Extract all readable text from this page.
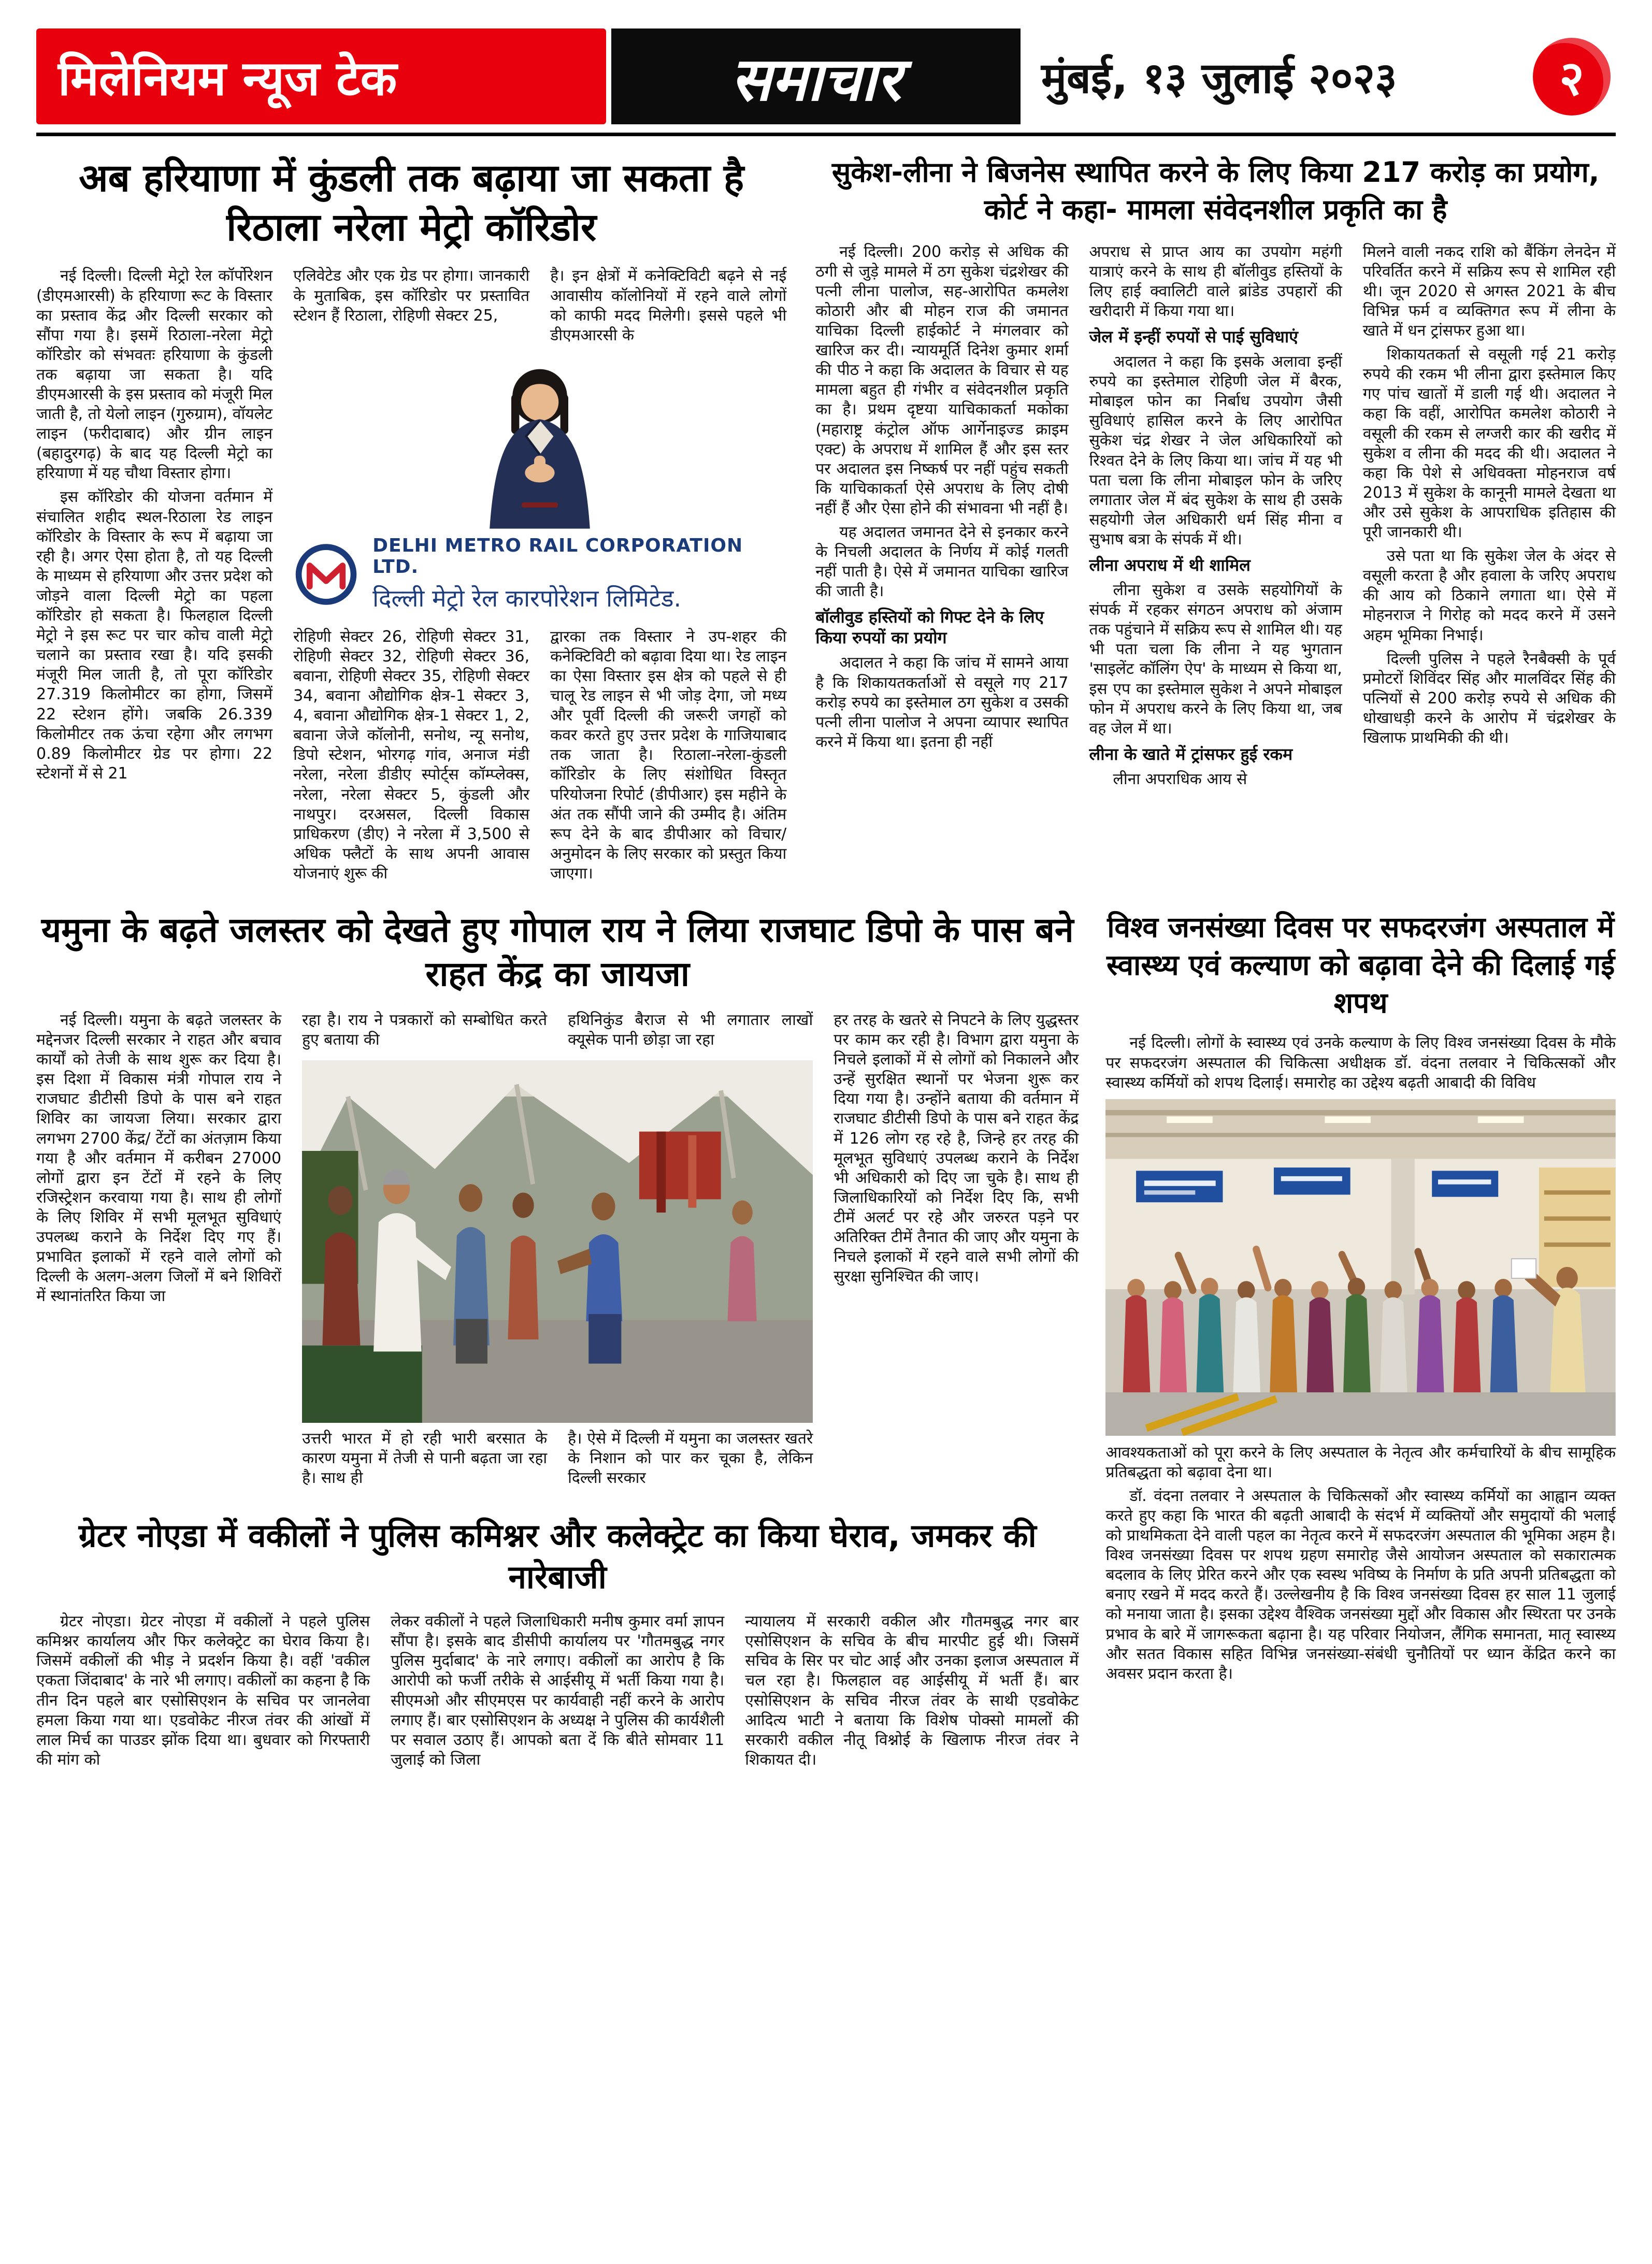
मिलेनियम न्यूज टेक	समाचार	मुंबई, १३ जुलाई २०२३	२
अब हरियाणा में कुंडली तक बढ़ाया जा सकता है रिठाला नरेला मेट्रो कॉरिडोर

नई दिल्ली। दिल्ली मेट्रो रेल कॉर्पोरेशन (डीएमआरसी) के हरियाणा रूट के विस्तार का प्रस्ताव केंद्र और दिल्ली सरकार को सौंपा गया है। इसमें रिठाला-नरेला मेट्रो कॉरिडोर को संभवतः हरियाणा के कुंडली तक बढ़ाया जा सकता है। यदि डीएमआरसी के इस प्रस्ताव को मंजूरी मिल जाती है, तो येलो लाइन (गुरुग्राम), वॉयलेट लाइन (फरीदाबाद) और ग्रीन लाइन (बहादुरगढ़) के बाद यह दिल्ली मेट्रो का हरियाणा में यह चौथा विस्तार होगा।

इस कॉरिडोर की योजना वर्तमान में संचालित शहीद स्थल-रिठाला रेड लाइन कॉरिडोर के विस्तार के रूप में बढ़ाया जा रही है। अगर ऐसा होता है, तो यह दिल्ली के माध्यम से हरियाणा और उत्तर प्रदेश को जोड़ने वाला दिल्ली मेट्रो का पहला कॉरिडोर हो सकता है। फिलहाल दिल्ली मेट्रो ने इस रूट पर चार कोच वाली मेट्रो चलाने का प्रस्ताव रखा है। यदि इसकी मंजूरी मिल जाती है, तो पूरा कॉरिडोर 27.319 किलोमीटर का होगा, जिसमें 22 स्टेशन होंगे। जबकि 26.339 किलोमीटर तक ऊंचा रहेगा और लगभग 0.89 किलोमीटर ग्रेड पर होगा। 22 स्टेशनों में से 21

एलिवेटेड और एक ग्रेड पर होगा। जानकारी के मुताबिक, इस कॉरिडोर पर प्रस्तावित स्टेशन हैं रिठाला, रोहिणी सेक्टर 25,

है। इन क्षेत्रों में कनेक्टिविटी बढ़ने से नई आवासीय कॉलोनियों में रहने वाले लोगों को काफी मदद मिलेगी। इससे पहले भी डीएमआरसी के

DELHI METRO RAIL CORPORATION LTD.
दिल्ली मेट्रो रेल कारपोरेशन लिमिटेड.

रोहिणी सेक्टर 26, रोहिणी सेक्टर 31, रोहिणी सेक्टर 32, रोहिणी सेक्टर 36, बवाना, रोहिणी सेक्टर 35, रोहिणी सेक्टर 34, बवाना औद्योगिक क्षेत्र-1 सेक्टर 3, 4, बवाना औद्योगिक क्षेत्र-1 सेक्टर 1, 2, बवाना जेजे कॉलोनी, सनोथ, न्यू सनोथ, डिपो स्टेशन, भोरगढ़ गांव, अनाज मंडी नरेला, नरेला डीडीए स्पोर्ट्स कॉम्प्लेक्स, नरेला, नरेला सेक्टर 5, कुंडली और नाथपुर। दरअसल, दिल्ली विकास प्राधिकरण (डीए) ने नरेला में 3,500 से अधिक फ्लैटों के साथ अपनी आवास योजनाएं शुरू की

द्वारका तक विस्तार ने उप-शहर की कनेक्टिविटी को बढ़ावा दिया था। रेड लाइन का ऐसा विस्तार इस क्षेत्र को पहले से ही चालू रेड लाइन से भी जोड़ देगा, जो मध्य और पूर्वी दिल्ली की जरूरी जगहों को कवर करते हुए उत्तर प्रदेश के गाजियाबाद तक जाता है। रिठाला-नरेला-कुंडली कॉरिडोर के लिए संशोधित विस्तृत परियोजना रिपोर्ट (डीपीआर) इस महीने के अंत तक सौंपी जाने की उम्मीद है। अंतिम रूप देने के बाद डीपीआर को विचार/अनुमोदन के लिए सरकार को प्रस्तुत किया जाएगा।

सुकेश-लीना ने बिजनेस स्थापित करने के लिए किया 217 करोड़ का प्रयोग, कोर्ट ने कहा- मामला संवेदनशील प्रकृति का है

नई दिल्ली। 200 करोड़ से अधिक की ठगी से जुड़े मामले में ठग सुकेश चंद्रशेखर की पत्नी लीना पालोज, सह-आरोपित कमलेश कोठारी और बी मोहन राज की जमानत याचिका दिल्ली हाईकोर्ट ने मंगलवार को खारिज कर दी। न्यायमूर्ति दिनेश कुमार शर्मा की पीठ ने कहा कि अदालत के विचार से यह मामला बहुत ही गंभीर व संवेदनशील प्रकृति का है। प्रथम दृष्टया याचिकाकर्ता मकोका (महाराष्ट्र कंट्रोल ऑफ आर्गेनाइज्ड क्राइम एक्ट) के अपराध में शामिल हैं और इस स्तर पर अदालत इस निष्कर्ष पर नहीं पहुंच सकती कि याचिकाकर्ता ऐसे अपराध के लिए दोषी नहीं हैं और ऐसा होने की संभावना भी नहीं है।

यह अदालत जमानत देने से इनकार करने के निचली अदालत के निर्णय में कोई गलती नहीं पाती है। ऐसे में जमानत याचिका खारिज की जाती है।

बॉलीवुड हस्तियों को गिफ्ट देने के लिए किया रुपयों का प्रयोग

अदालत ने कहा कि जांच में सामने आया है कि शिकायतकर्ताओं से वसूले गए 217 करोड़ रुपये का इस्तेमाल ठग सुकेश व उसकी पत्नी लीना पालोज ने अपना व्यापार स्थापित करने में किया था। इतना ही नहीं

अपराध से प्राप्त आय का उपयोग महंगी यात्राएं करने के साथ ही बॉलीवुड हस्तियों के लिए हाई क्वालिटी वाले ब्रांडेड उपहारों की खरीदारी में किया गया था।

जेल में इन्हीं रुपयों से पाई सुविधाएं

अदालत ने कहा कि इसके अलावा इन्हीं रुपये का इस्तेमाल रोहिणी जेल में बैरक, मोबाइल फोन का निर्बाध उपयोग जैसी सुविधाएं हासिल करने के लिए आरोपित सुकेश चंद्र शेखर ने जेल अधिकारियों को रिश्वत देने के लिए किया था। जांच में यह भी पता चला कि लीना मोबाइल फोन के जरिए लगातार जेल में बंद सुकेश के साथ ही उसके सहयोगी जेल अधिकारी धर्म सिंह मीना व सुभाष बत्रा के संपर्क में थी।

लीना अपराध में थी शामिल

लीना सुकेश व उसके सहयोगियों के संपर्क में रहकर संगठन अपराध को अंजाम तक पहुंचाने में सक्रिय रूप से शामिल थी। यह भी पता चला कि लीना ने यह भुगतान 'साइलेंट कॉलिंग ऐप' के माध्यम से किया था, इस एप का इस्तेमाल सुकेश ने अपने मोबाइल फोन में अपराध करने के लिए किया था, जब वह जेल में था।

लीना के खाते में ट्रांसफर हुई रकम

लीना अपराधिक आय से

मिलने वाली नकद राशि को बैंकिंग लेनदेन में परिवर्तित करने में सक्रिय रूप से शामिल रही थी। जून 2020 से अगस्त 2021 के बीच विभिन्न फर्म व व्यक्तिगत रूप में लीना के खाते में धन ट्रांसफर हुआ था।

शिकायतकर्ता से वसूली गई 21 करोड़ रुपये की रकम भी लीना द्वारा इस्तेमाल किए गए पांच खातों में डाली गई थी। अदालत ने कहा कि वहीं, आरोपित कमलेश कोठारी ने वसूली की रकम से लग्जरी कार की खरीद में सुकेश व लीना की मदद की थी। अदालत ने कहा कि पेशे से अधिवक्ता मोहनराज वर्ष 2013 में सुकेश के कानूनी मामले देखता था और उसे सुकेश के आपराधिक इतिहास की पूरी जानकारी थी।

उसे पता था कि सुकेश जेल के अंदर से वसूली करता है और हवाला के जरिए अपराध की आय को ठिकाने लगाता था। ऐसे में मोहनराज ने गिरोह को मदद करने में उसने अहम भूमिका निभाई।

दिल्ली पुलिस ने पहले रैनबैक्सी के पूर्व प्रमोटरों शिविंदर सिंह और मालविंदर सिंह की पत्नियों से 200 करोड़ रुपये से अधिक की धोखाधड़ी करने के आरोप में चंद्रशेखर के खिलाफ प्राथमिकी की थी।

यमुना के बढ़ते जलस्तर को देखते हुए गोपाल राय ने लिया राजघाट डिपो के पास बने राहत केंद्र का जायजा

नई दिल्ली। यमुना के बढ़ते जलस्तर के मद्देनजर दिल्ली सरकार ने राहत और बचाव कार्यों को तेजी के साथ शुरू कर दिया है। इस दिशा में विकास मंत्री गोपाल राय ने राजघाट डीटीसी डिपो के पास बने राहत शिविर का जायजा लिया। सरकार द्वारा लगभग 2700 केंद्र/ टेंटों का अंतज़ाम किया गया है और वर्तमान में करीबन 27000 लोगों द्वारा इन टेंटों में रहने के लिए रजिस्ट्रेशन करवाया गया है। साथ ही लोगों के लिए शिविर में सभी मूलभूत सुविधाएं उपलब्ध कराने के निर्देश दिए गए हैं। प्रभावित इलाकों में रहने वाले लोगों को दिल्ली के अलग-अलग जिलों में बने शिविरों में स्थानांतरित किया जा

रहा है। राय ने पत्रकारों को सम्बोधित करते हुए बताया की

हथिनिकुंड बैराज से भी लगातार लाखों क्यूसेक पानी छोड़ा जा रहा

उत्तरी भारत में हो रही भारी बरसात के कारण यमुना में तेजी से पानी बढ़ता जा रहा है। साथ ही

है। ऐसे में दिल्ली में यमुना का जलस्तर खतरे के निशान को पार कर चूका है, लेकिन दिल्ली सरकार

हर तरह के खतरे से निपटने के लिए युद्धस्तर पर काम कर रही है। विभाग द्वारा यमुना के निचले इलाकों में से लोगों को निकालने और उन्हें सुरक्षित स्थानों पर भेजना शुरू कर दिया गया है। उन्होंने बताया की वर्तमान में राजघाट डीटीसी डिपो के पास बने राहत केंद्र में 126 लोग रह रहे है, जिन्हे हर तरह की मूलभूत सुविधाएं उपलब्ध कराने के निर्देश भी अधिकारी को दिए जा चुके है। साथ ही जिलाधिकारियों को निर्देश दिए कि, सभी टीमें अलर्ट पर रहे और जरुरत पड़ने पर अतिरिक्त टीमें तैनात की जाए और यमुना के निचले इलाकों में रहने वाले सभी लोगों की सुरक्षा सुनिश्चित की जाए।

ग्रेटर नोएडा में वकीलों ने पुलिस कमिश्नर और कलेक्ट्रेट का किया घेराव, जमकर की नारेबाजी

ग्रेटर नोएडा। ग्रेटर नोएडा में वकीलों ने पहले पुलिस कमिश्नर कार्यालय और फिर कलेक्ट्रेट का घेराव किया है। जिसमें वकीलों की भीड़ ने प्रदर्शन किया है। वहीं 'वकील एकता जिंदाबाद' के नारे भी लगाए। वकीलों का कहना है कि तीन दिन पहले बार एसोसिएशन के सचिव पर जानलेवा हमला किया गया था। एडवोकेट नीरज तंवर की आंखों में लाल मिर्च का पाउडर झोंक दिया था। बुधवार को गिरफ्तारी की मांग को

लेकर वकीलों ने पहले जिलाधिकारी मनीष कुमार वर्मा ज्ञापन सौंपा है। इसके बाद डीसीपी कार्यालय पर 'गौतमबुद्ध नगर पुलिस मुर्दाबाद' के नारे लगाए। वकीलों का आरोप है कि आरोपी को फर्जी तरीके से आईसीयू में भर्ती किया गया है। सीएमओ और सीएमएस पर कार्यवाही नहीं करने के आरोप लगाए हैं। बार एसोसिएशन के अध्यक्ष ने पुलिस की कार्यशैली पर सवाल उठाए हैं। आपको बता दें कि बीते सोमवार 11 जुलाई को जिला

न्यायालय में सरकारी वकील और गौतमबुद्ध नगर बार एसोसिएशन के सचिव के बीच मारपीट हुई थी। जिसमें सचिव के सिर पर चोट आई और उनका इलाज अस्पताल में चल रहा है। फिलहाल वह आईसीयू में भर्ती हैं। बार एसोसिएशन के सचिव नीरज तंवर के साथी एडवोकेट आदित्य भाटी ने बताया कि विशेष पोक्सो मामलों की सरकारी वकील नीतू विश्नोई के खिलाफ नीरज तंवर ने शिकायत दी।

विश्व जनसंख्या दिवस पर सफदरजंग अस्पताल में स्वास्थ्य एवं कल्याण को बढ़ावा देने की दिलाई गई शपथ

नई दिल्ली। लोगों के स्वास्थ्य एवं उनके कल्याण के लिए विश्व जनसंख्या दिवस के मौके पर सफदरजंग अस्पताल की चिकित्सा अधीक्षक डॉ. वंदना तलवार ने चिकित्सकों और स्वास्थ्य कर्मियों को शपथ दिलाई। समारोह का उद्देश्य बढ़ती आबादी की विविध

आवश्यकताओं को पूरा करने के लिए अस्पताल के नेतृत्व और कर्मचारियों के बीच सामूहिक प्रतिबद्धता को बढ़ावा देना था।

डॉ. वंदना तलवार ने अस्पताल के चिकित्सकों और स्वास्थ्य कर्मियों का आह्वान व्यक्त करते हुए कहा कि भारत की बढ़ती आबादी के संदर्भ में व्यक्तियों और समुदायों की भलाई को प्राथमिकता देने वाली पहल का नेतृत्व करने में सफदरजंग अस्पताल की भूमिका अहम है। विश्व जनसंख्या दिवस पर शपथ ग्रहण समारोह जैसे आयोजन अस्पताल को सकारात्मक बदलाव के लिए प्रेरित करने और एक स्वस्थ भविष्य के निर्माण के प्रति अपनी प्रतिबद्धता को बनाए रखने में मदद करते हैं। उल्लेखनीय है कि विश्व जनसंख्या दिवस हर साल 11 जुलाई को मनाया जाता है। इसका उद्देश्य वैश्विक जनसंख्या मुद्दों और विकास और स्थिरता पर उनके प्रभाव के बारे में जागरूकता बढ़ाना है। यह परिवार नियोजन, लैंगिक समानता, मातृ स्वास्थ्य और सतत विकास सहित विभिन्न जनसंख्या-संबंधी चुनौतियों पर ध्यान केंद्रित करने का अवसर प्रदान करता है।
